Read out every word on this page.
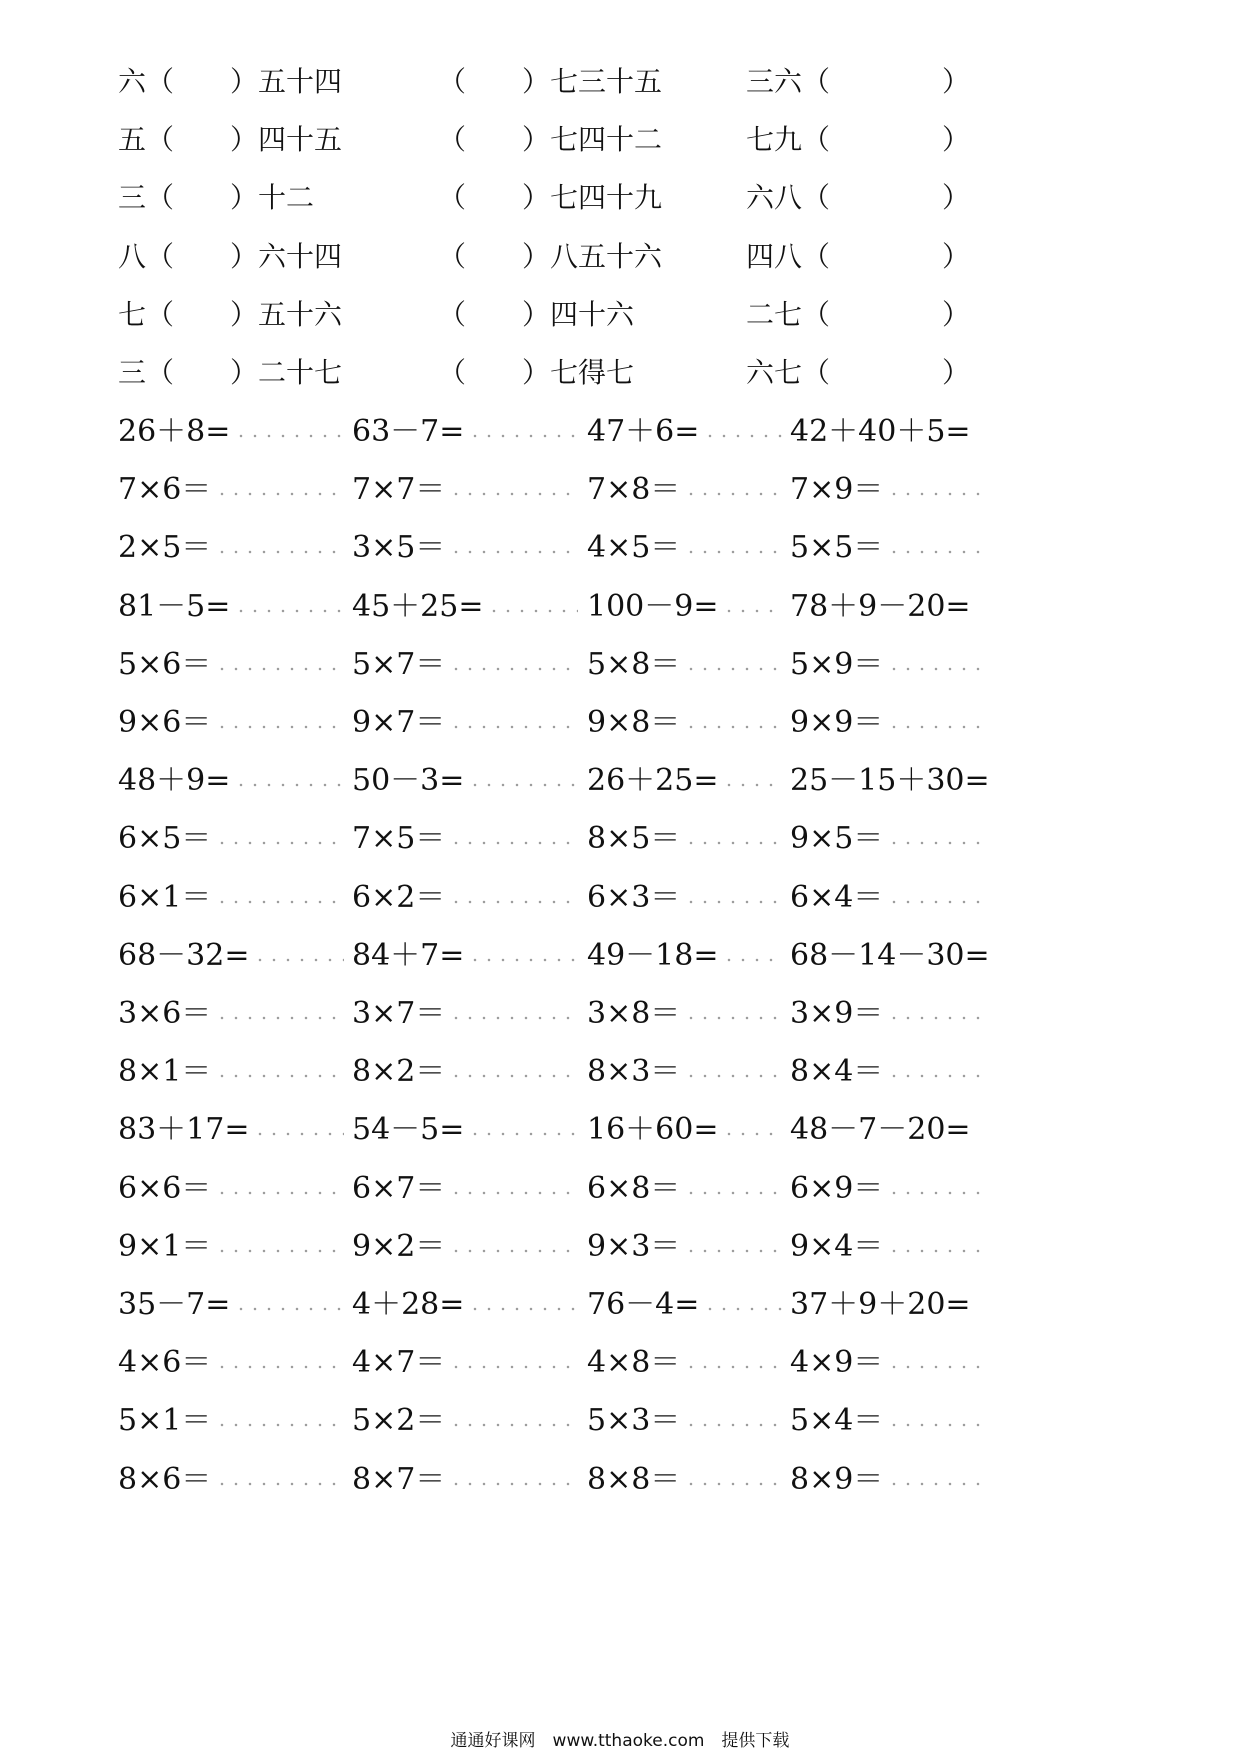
六（　　）五十四	（　　）七三十五	三六（　　　　）
五（　　）四十五	（　　）七四十二	七九（　　　　）
三（　　）十二	（　　）七四十九	六八（　　　　）
八（　　）六十四	（　　）八五十六	四八（　　　　）
七（　　）五十六	（　　）四十六	二七（　　　　）
三（　　）二十七	（　　）七得七	六七（　　　　）
26＋8=	63－7=	47＋6=	42＋40＋5=
7×6＝	7×7＝	7×8＝	7×9＝
2×5＝	3×5＝	4×5＝	5×5＝
81－5=	45＋25=	100－9= 78＋9－20=
5×6＝	5×7＝	5×8＝	5×9＝
9×6＝	9×7＝	9×8＝	9×9＝
48＋9=	50－3=	26＋25= 25－15＋30=
6×5＝	7×5＝	8×5＝	9×5＝
6×1＝	6×2＝	6×3＝	6×4＝
68－32=	84＋7=	49－18= 68－14－30=
3×6＝	3×7＝	3×8＝	3×9＝
8×1＝	8×2＝	8×3＝	8×4＝
83＋17=	54－5=	16＋60= 48－7－20=
6×6＝	6×7＝	6×8＝	6×9＝
9×1＝	9×2＝	9×3＝	9×4＝
35－7=	4＋28=	76－4=	37＋9＋20=
4×6＝	4×7＝	4×8＝	4×9＝
5×1＝	5×2＝	5×3＝	5×4＝
8×6＝	8×7＝	8×8＝	8×9＝
通通好课网　www.tthaoke.com　提供下载
